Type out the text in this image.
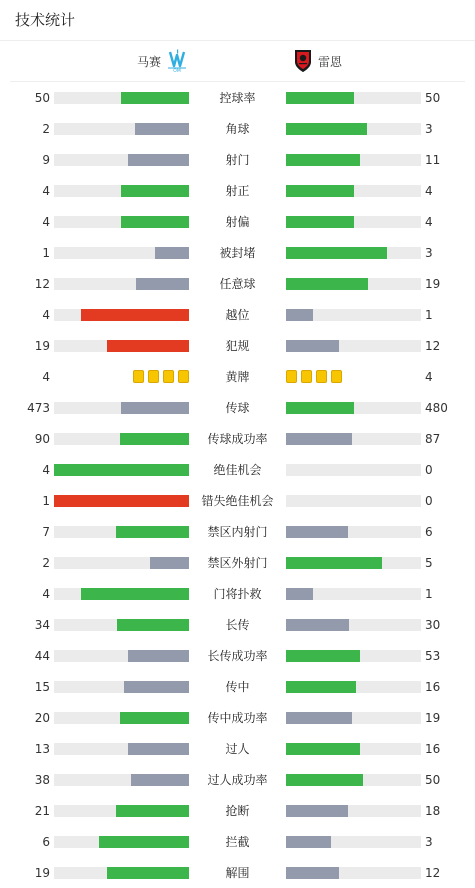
技术统计
马赛
OM
雷恩
50	控球率	50
2	角球	3
9	射门	11
4	射正	4
4	射偏	4
1	被封堵	3
12	任意球	19
4	越位	1
19	犯规	12
4	黄牌	4
473	传球	480
90	传球成功率	87
4	绝佳机会	0
1	错失绝佳机会	0
7	禁区内射门	6
2	禁区外射门	5
4	门将扑救	1
34	长传	30
44	长传成功率	53
15	传中	16
20	传中成功率	19
13	过人	16
38	过人成功率	50
21	抢断	18
6	拦截	3
19	解围	12
